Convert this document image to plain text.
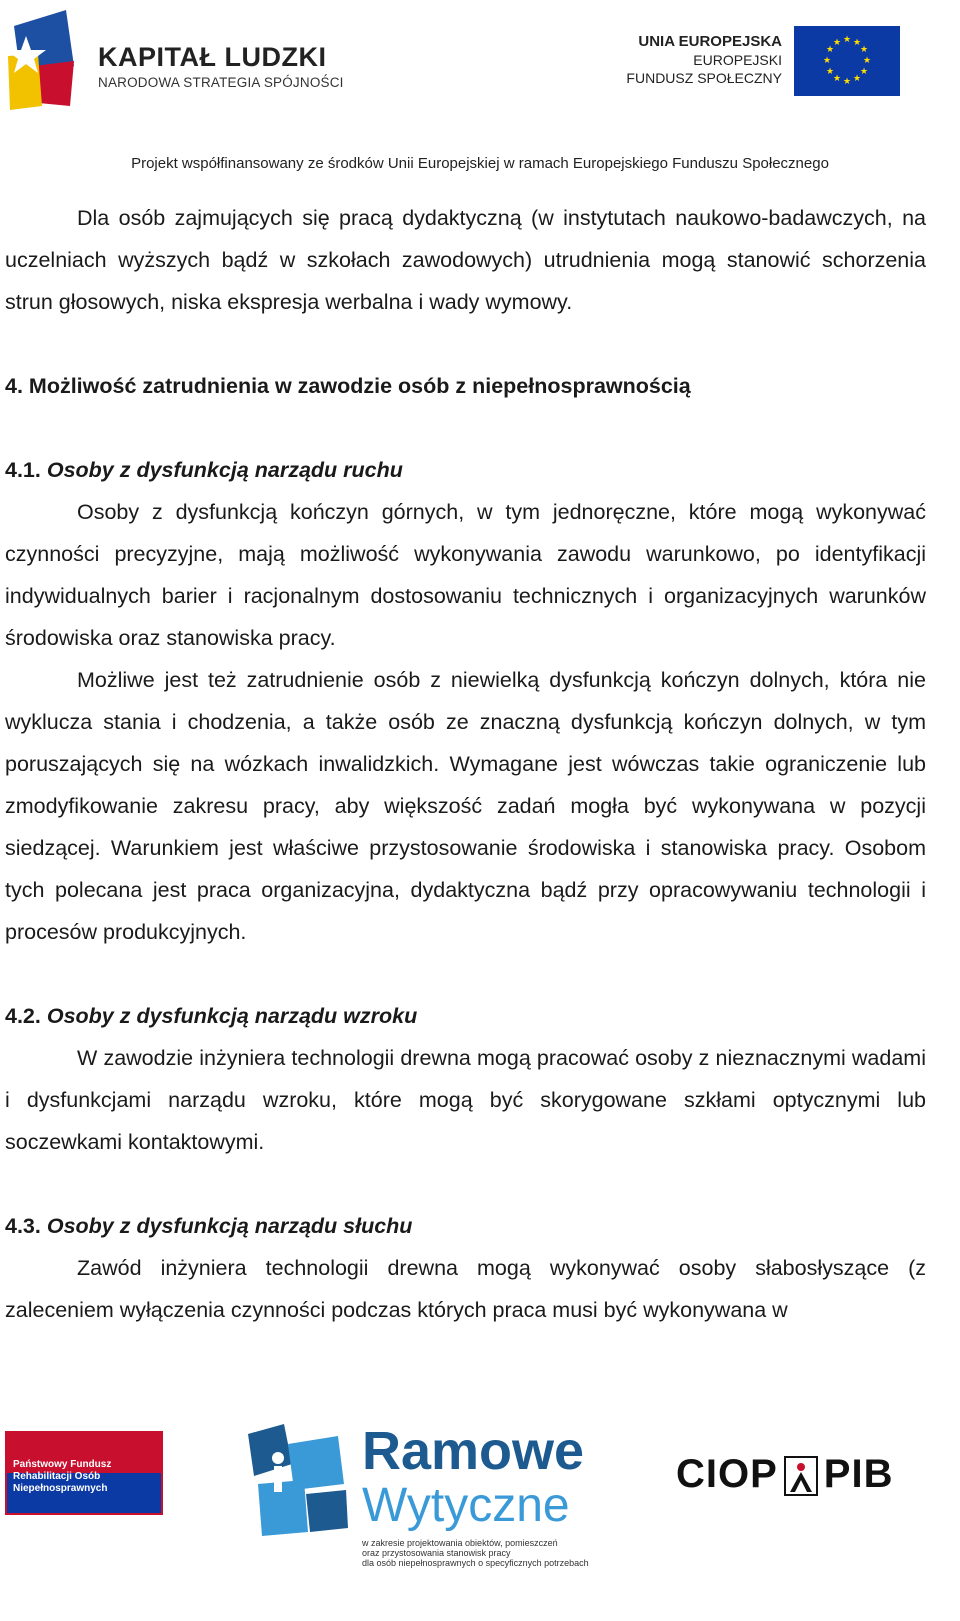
KAPITAŁ LUDZKI
NARODOWA STRATEGIA SPÓJNOŚCI
UNIA EUROPEJSKA
EUROPEJSKI
FUNDUSZ SPOŁECZNY
★ ★
★
★
★
★
★
★
★
★
★
★
Projekt współfinansowany ze środków Unii Europejskiej w ramach Europejskiego Funduszu Społecznego

Dla osób zajmujących się pracą dydaktyczną (w instytutach naukowo-badawczych, na uczelniach wyższych bądź w szkołach zawodowych) utrudnienia mogą stanowić schorzenia strun głosowych, niska ekspresja werbalna i wady wymowy.

4. Możliwość zatrudnienia w zawodzie osób z niepełnosprawnością

4.1. Osoby z dysfunkcją narządu ruchu

Osoby z dysfunkcją kończyn górnych, w tym jednoręczne, które mogą wykonywać czynności precyzyjne, mają możliwość wykonywania zawodu warunkowo, po identyfikacji indywidualnych barier i racjonalnym dostosowaniu technicznych i organizacyjnych warunków środowiska oraz stanowiska pracy.

Możliwe jest też zatrudnienie osób z niewielką dysfunkcją kończyn dolnych, która nie wyklucza stania i chodzenia, a także osób ze znaczną dysfunkcją kończyn dolnych, w tym poruszających się na wózkach inwalidzkich. Wymagane jest wówczas takie ograniczenie lub zmodyfikowanie zakresu pracy, aby większość zadań mogła być wykonywana w pozycji siedzącej. Warunkiem jest właściwe przystosowanie środowiska i stanowiska pracy. Osobom tych polecana jest praca organizacyjna, dydaktyczna bądź przy opracowywaniu technologii i procesów produkcyjnych.

4.2. Osoby z dysfunkcją narządu wzroku

W zawodzie inżyniera technologii drewna mogą pracować osoby z nieznacznymi wadami i dysfunkcjami narządu wzroku, które mogą być skorygowane szkłami optycznymi lub soczewkami kontaktowymi.

4.3. Osoby z dysfunkcją narządu słuchu

Zawód inżyniera technologii drewna mogą wykonywać osoby słabosłyszące (z zaleceniem wyłączenia czynności podczas których praca musi być wykonywana w

Państwowy Fundusz
Rehabilitacji Osób
Niepełnosprawnych
Ramowe
Wytyczne
w zakresie projektowania obiektów, pomieszczeń
oraz przystosowania stanowisk pracy
dla osób niepełnosprawnych o specyficznych potrzebach
CIOP PIB
